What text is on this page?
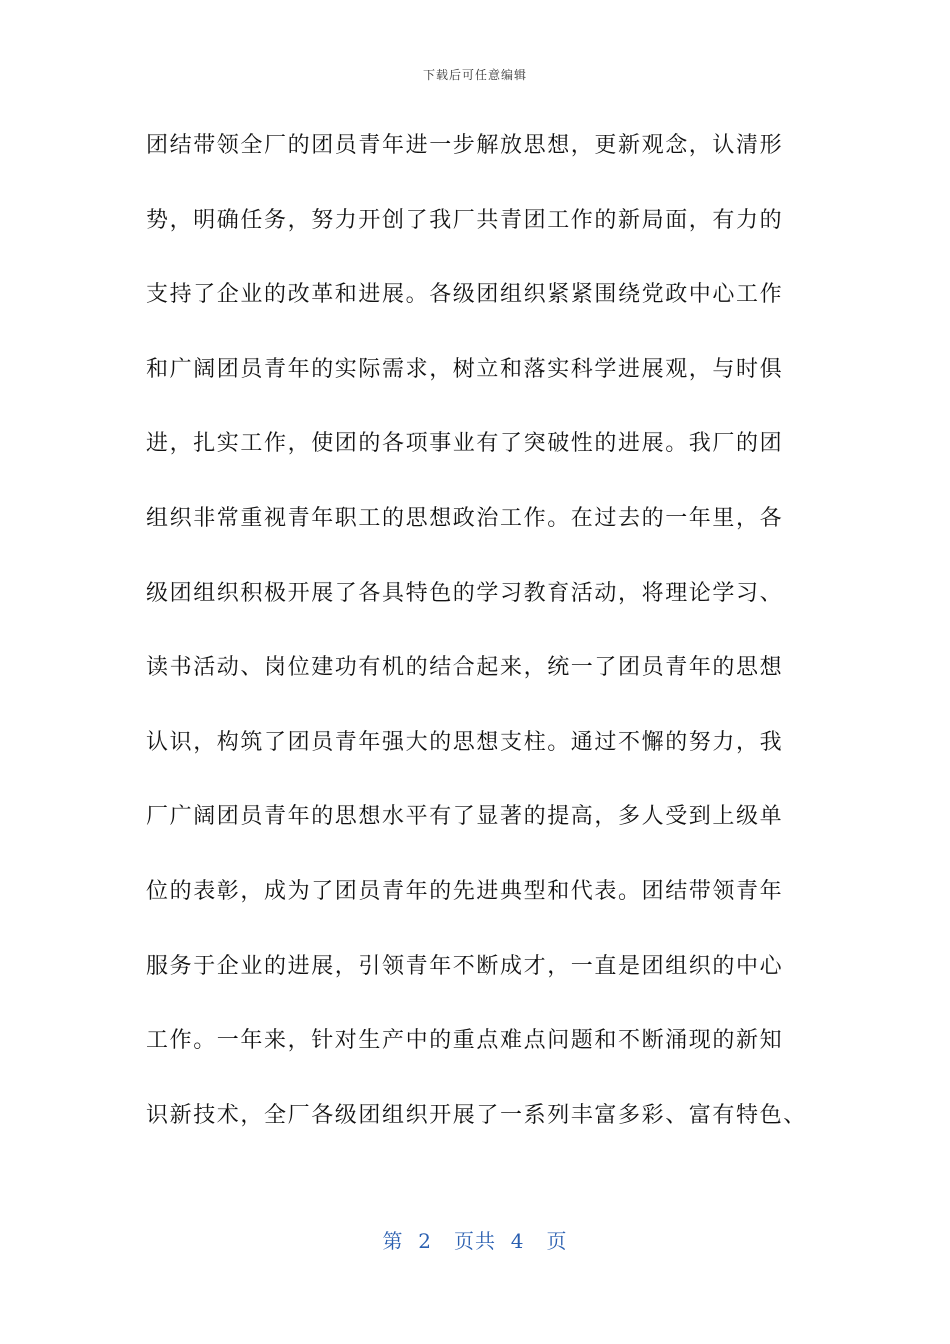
下载后可任意编辑
团结带领全厂的团员青年进一步解放思想，更新观念，认清形
势，明确任务，努力开创了我厂共青团工作的新局面，有力的
支持了企业的改革和进展。各级团组织紧紧围绕党政中心工作
和广阔团员青年的实际需求，树立和落实科学进展观，与时俱
进，扎实工作，使团的各项事业有了突破性的进展。我厂的团
组织非常重视青年职工的思想政治工作。在过去的一年里，各
级团组织积极开展了各具特色的学习教育活动，将理论学习、
读书活动、岗位建功有机的结合起来，统一了团员青年的思想
认识，构筑了团员青年强大的思想支柱。通过不懈的努力，我
厂广阔团员青年的思想水平有了显著的提高，多人受到上级单
位的表彰，成为了团员青年的先进典型和代表。团结带领青年
服务于企业的进展，引领青年不断成才，一直是团组织的中心
工作。一年来，针对生产中的重点难点问题和不断涌现的新知
识新技术，全厂各级团组织开展了一系列丰富多彩、富有特色、
第  2   页共  4   页
